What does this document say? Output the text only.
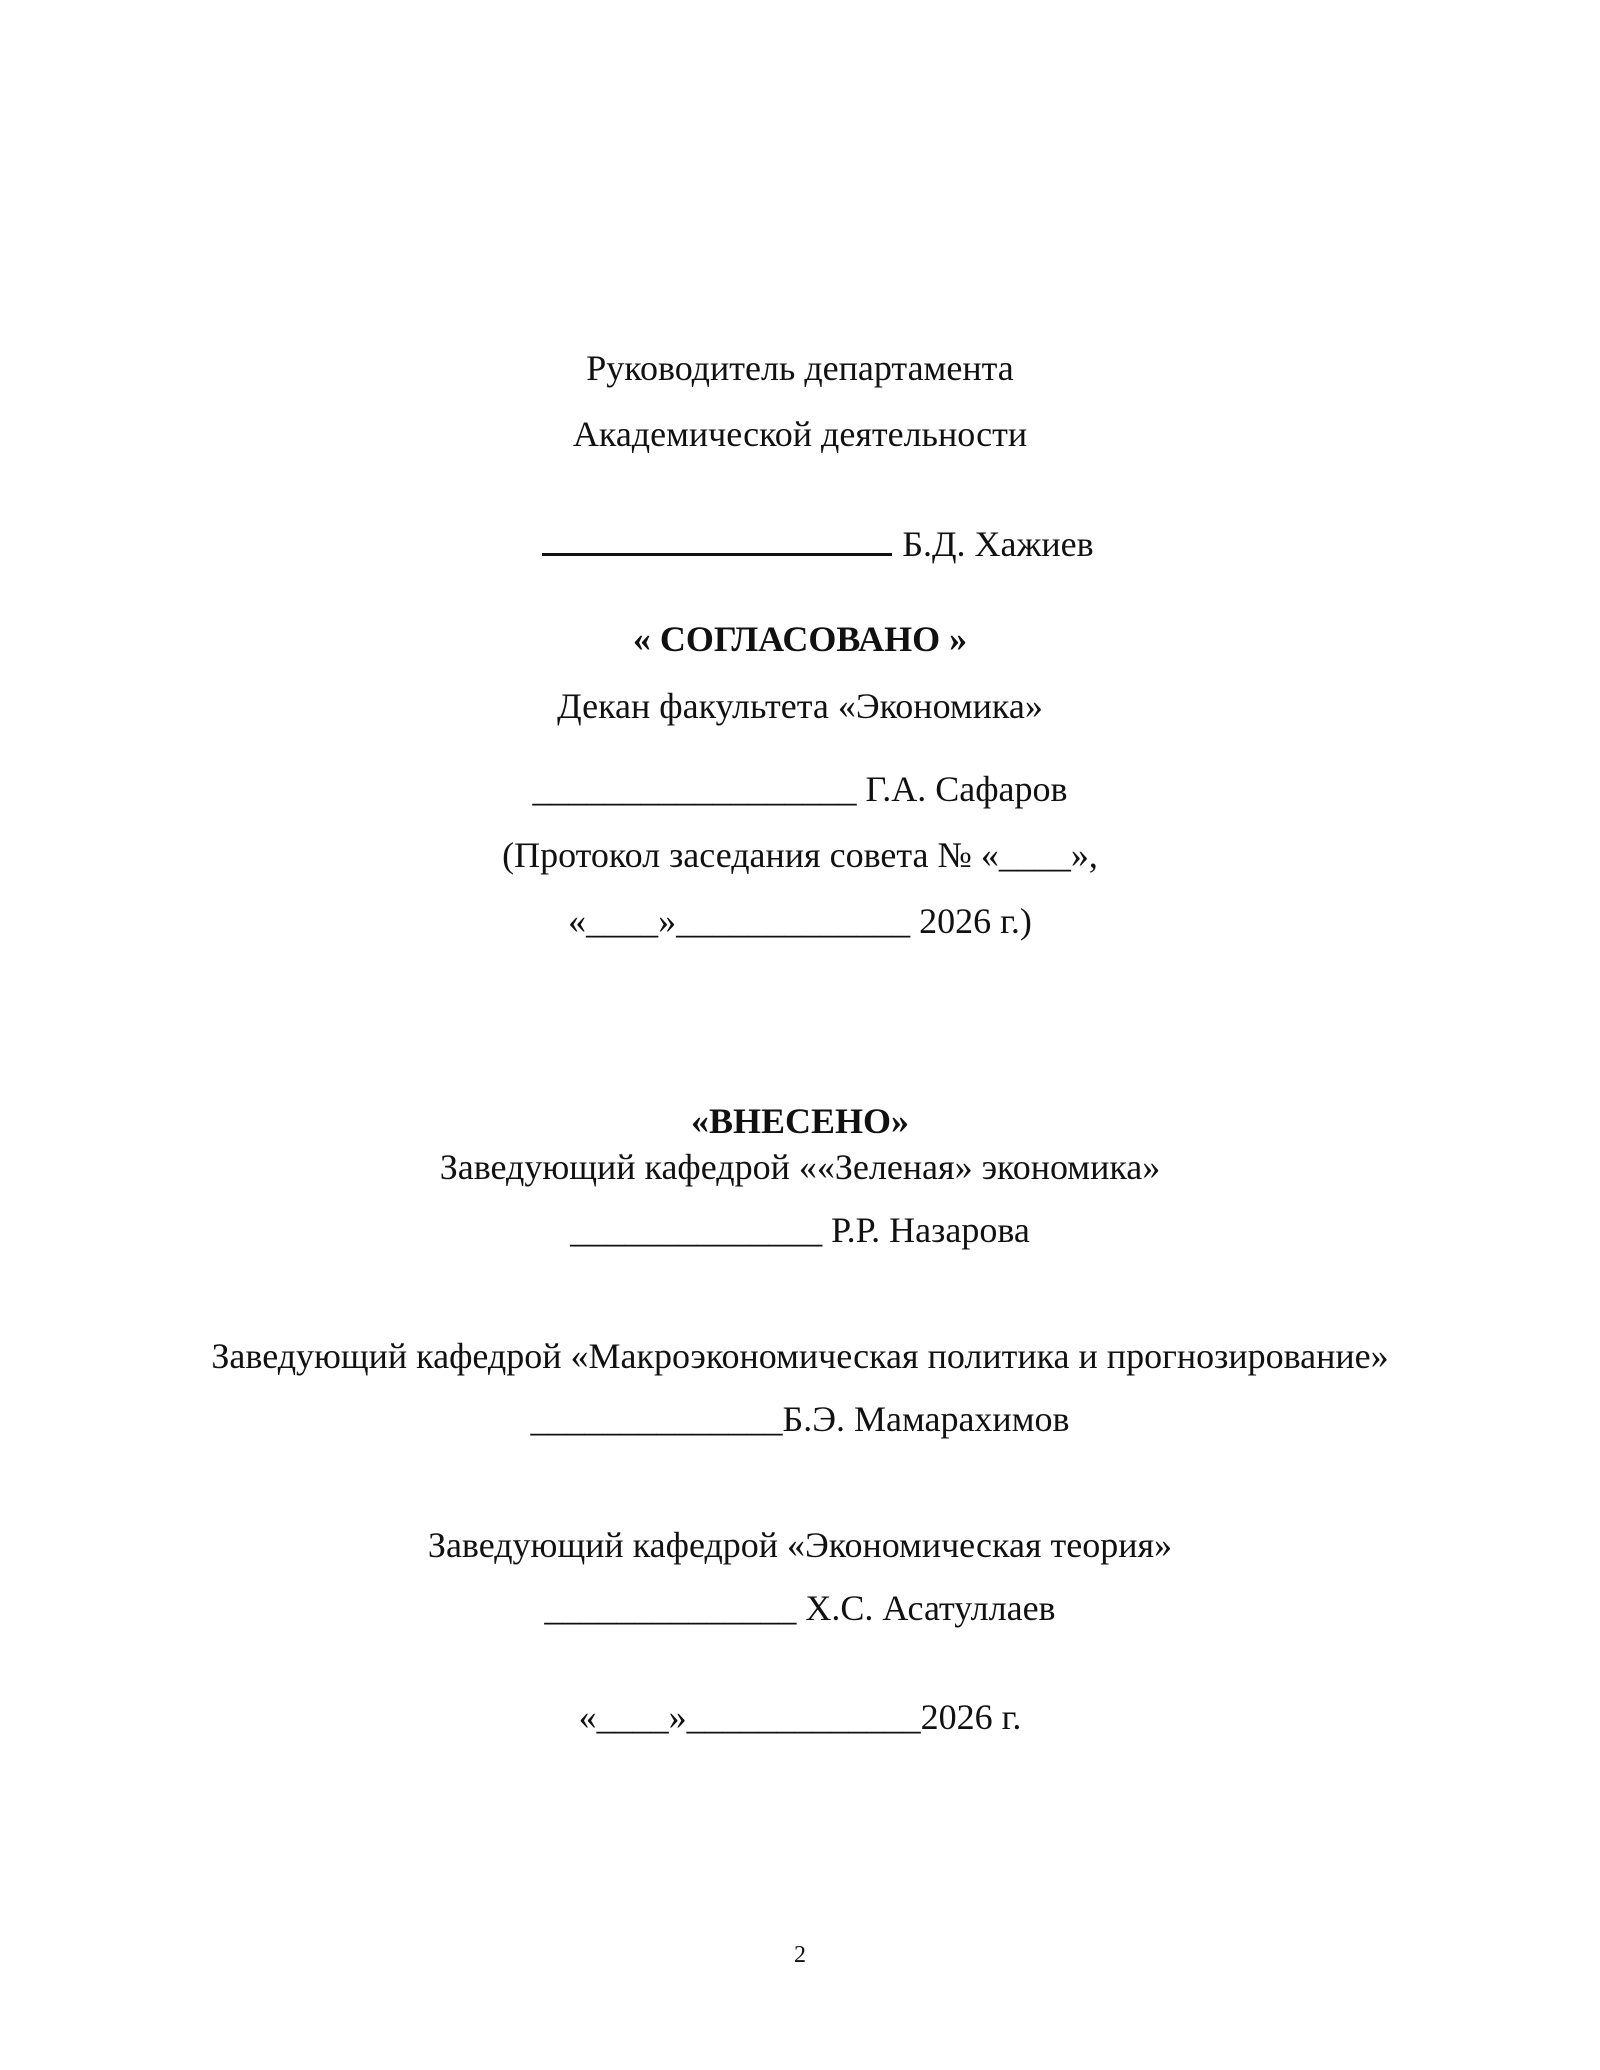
Руководитель департамента
Академической деятельности

Б.Д. Хажиев

« СОГЛАСОВАНО »
Декан факультета «Экономика»
__________________ Г.А. Сафаров
(Протокол заседания совета № «____»,
«____»_____________ 2026 г.)
«ВНЕСЕНО»
Заведующий кафедрой ««Зеленая» экономика»
______________ Р.Р. Назарова
Заведующий кафедрой «Макроэкономическая политика и прогнозирование»
______________Б.Э. Мамарахимов
Заведующий кафедрой «Экономическая теория»
______________ Х.С. Асатуллаев
«____»_____________2026 г.
2
